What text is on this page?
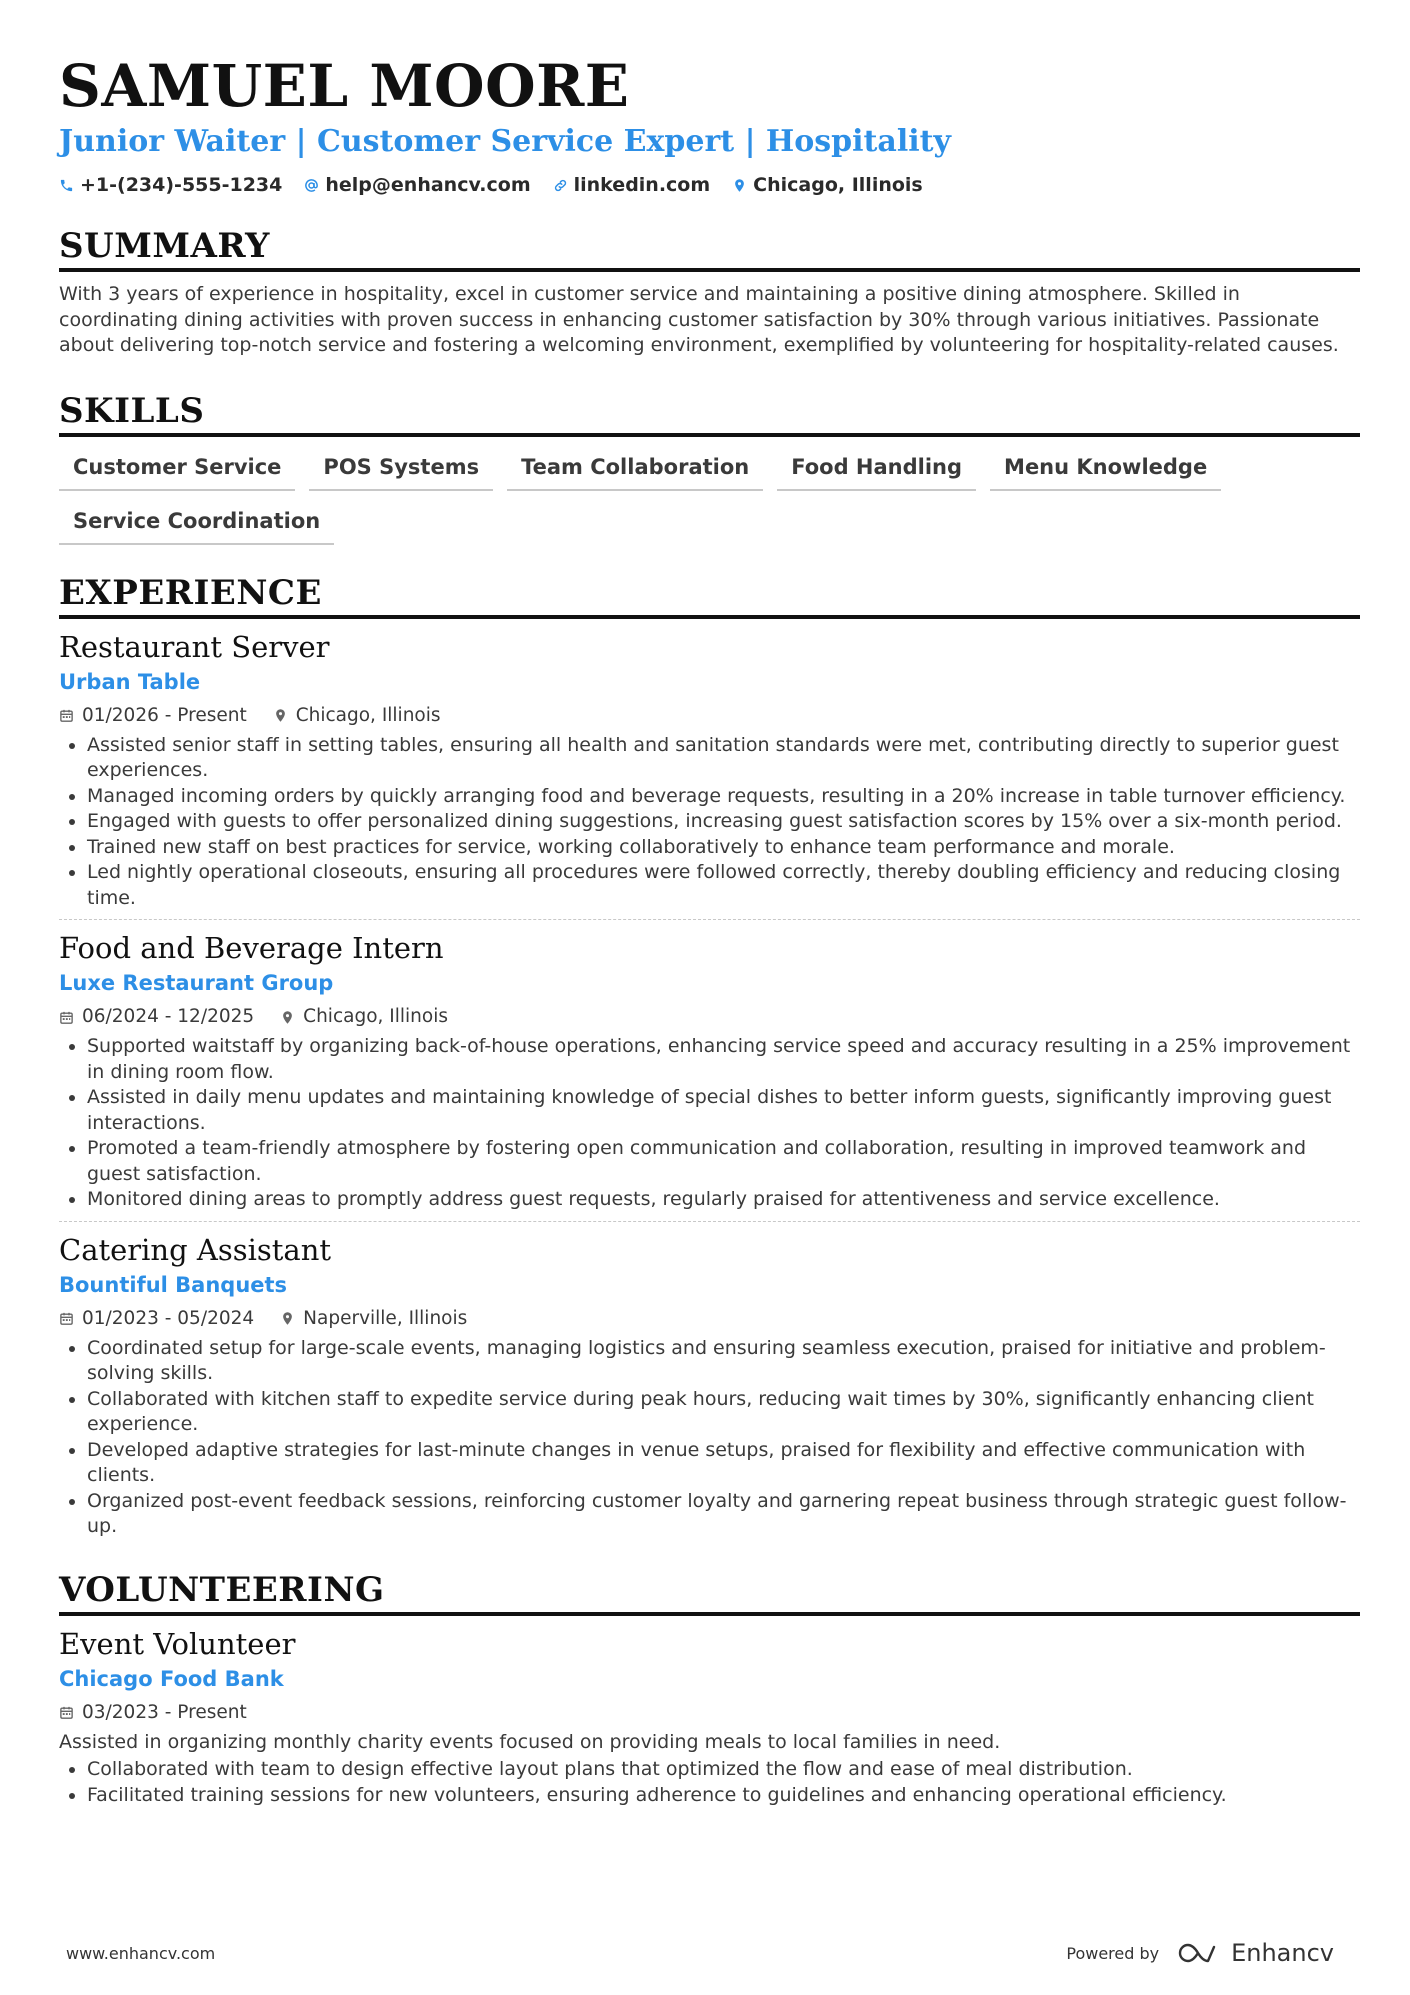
SAMUEL MOORE

Junior Waiter | Customer Service Expert | Hospitality

+1-(234)-555-1234 help@enhancv.com linkedin.com Chicago, Illinois
SUMMARY

With 3 years of experience in hospitality, excel in customer service and maintaining a positive dining atmosphere. Skilled in coordinating dining activities with proven success in enhancing customer satisfaction by 30% through various initiatives. Passionate about delivering top-notch service and fostering a welcoming environment, exemplified by volunteering for hospitality-related causes.

SKILLS
Customer Service	POS Systems	Team Collaboration	Food Handling	Menu Knowledge
Service Coordination
EXPERIENCE

Restaurant Server

Urban Table

01/2026 - Present	Chicago, Illinois
• Assisted senior staff in setting tables, ensuring all health and sanitation standards were met, contributing directly to superior guest experiences.
• Managed incoming orders by quickly arranging food and beverage requests, resulting in a 20% increase in table turnover efficiency.
• Engaged with guests to offer personalized dining suggestions, increasing guest satisfaction scores by 15% over a six-month period.
• Trained new staff on best practices for service, working collaboratively to enhance team performance and morale.
• Led nightly operational closeouts, ensuring all procedures were followed correctly, thereby doubling efficiency and reducing closing time.

Food and Beverage Intern

Luxe Restaurant Group

06/2024 - 12/2025	Chicago, Illinois
• Supported waitstaff by organizing back-of-house operations, enhancing service speed and accuracy resulting in a 25% improvement in dining room flow.
• Assisted in daily menu updates and maintaining knowledge of special dishes to better inform guests, significantly improving guest interactions.
• Promoted a team-friendly atmosphere by fostering open communication and collaboration, resulting in improved teamwork and guest satisfaction.
• Monitored dining areas to promptly address guest requests, regularly praised for attentiveness and service excellence.

Catering Assistant

Bountiful Banquets

01/2023 - 05/2024	Naperville, Illinois
• Coordinated setup for large-scale events, managing logistics and ensuring seamless execution, praised for initiative and problem-solving skills.
• Collaborated with kitchen staff to expedite service during peak hours, reducing wait times by 30%, significantly enhancing client experience.
• Developed adaptive strategies for last-minute changes in venue setups, praised for flexibility and effective communication with clients.
• Organized post-event feedback sessions, reinforcing customer loyalty and garnering repeat business through strategic guest follow-up.
VOLUNTEERING

Event Volunteer

Chicago Food Bank

03/2023 - Present

Assisted in organizing monthly charity events focused on providing meals to local families in need.

• Collaborated with team to design effective layout plans that optimized the flow and ease of meal distribution.
• Facilitated training sessions for new volunteers, ensuring adherence to guidelines and enhancing operational efficiency.
www.enhancv.com	Powered by	Enhancv
